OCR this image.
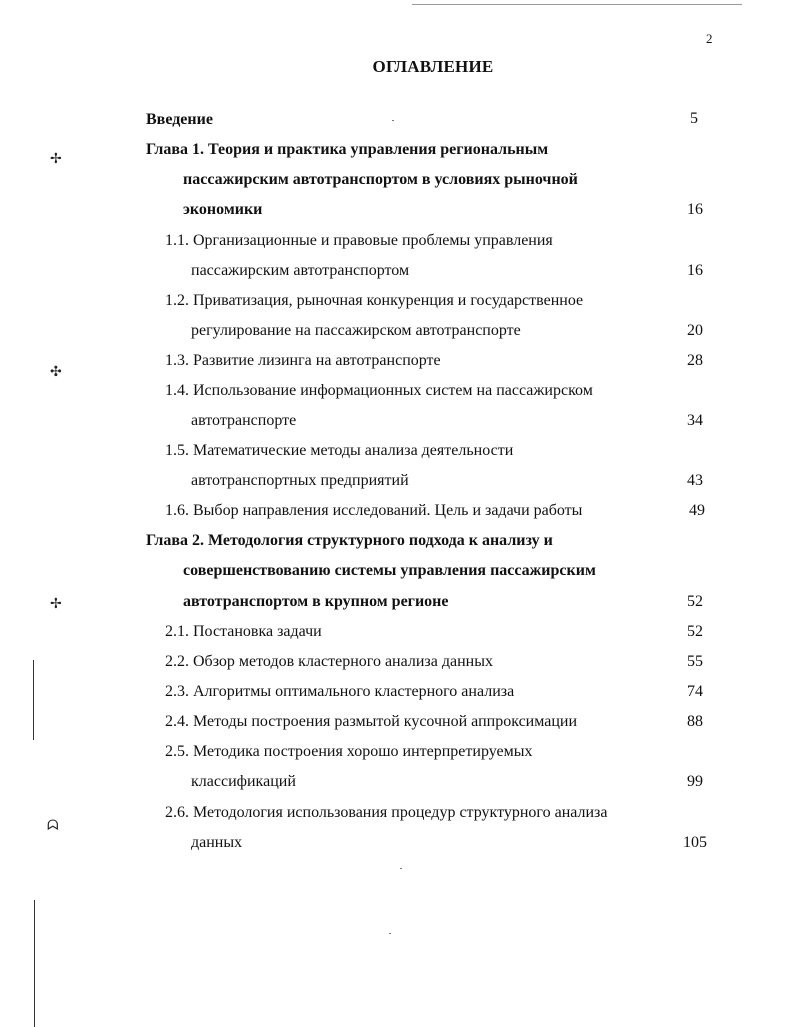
2
ОГЛАВЛЕНИЕ
Введение	5
Глава 1. Теория и практика управления региональным
пассажирским автотранспортом в условиях рыночной
экономики	16
1.1. Организационные и правовые проблемы управления
пассажирским автотранспортом	16
1.2. Приватизация, рыночная конкуренция и государственное
регулирование на пассажирском автотранспорте	20
1.3. Развитие лизинга на автотранспорте	28
1.4. Использование информационных систем на пассажирском
автотранспорте	34
1.5. Математические методы анализа деятельности
автотранспортных предприятий	43
1.6. Выбор направления исследований. Цель и задачи работы	49
Глава 2. Методология структурного подхода к анализу и
совершенствованию системы управления пассажирским
автотранспортом в крупном регионе	52
2.1. Постановка задачи	52
2.2. Обзор методов кластерного анализа данных	55
2.3. Алгоритмы оптимального кластерного анализа	74
2.4. Методы построения размытой кусочной аппроксимации	88
2.5. Методика построения хорошо интерпретируемых
классификаций	99
2.6. Методология использования процедур структурного анализа
данных	105
✢
✣
✢
ᗣ
